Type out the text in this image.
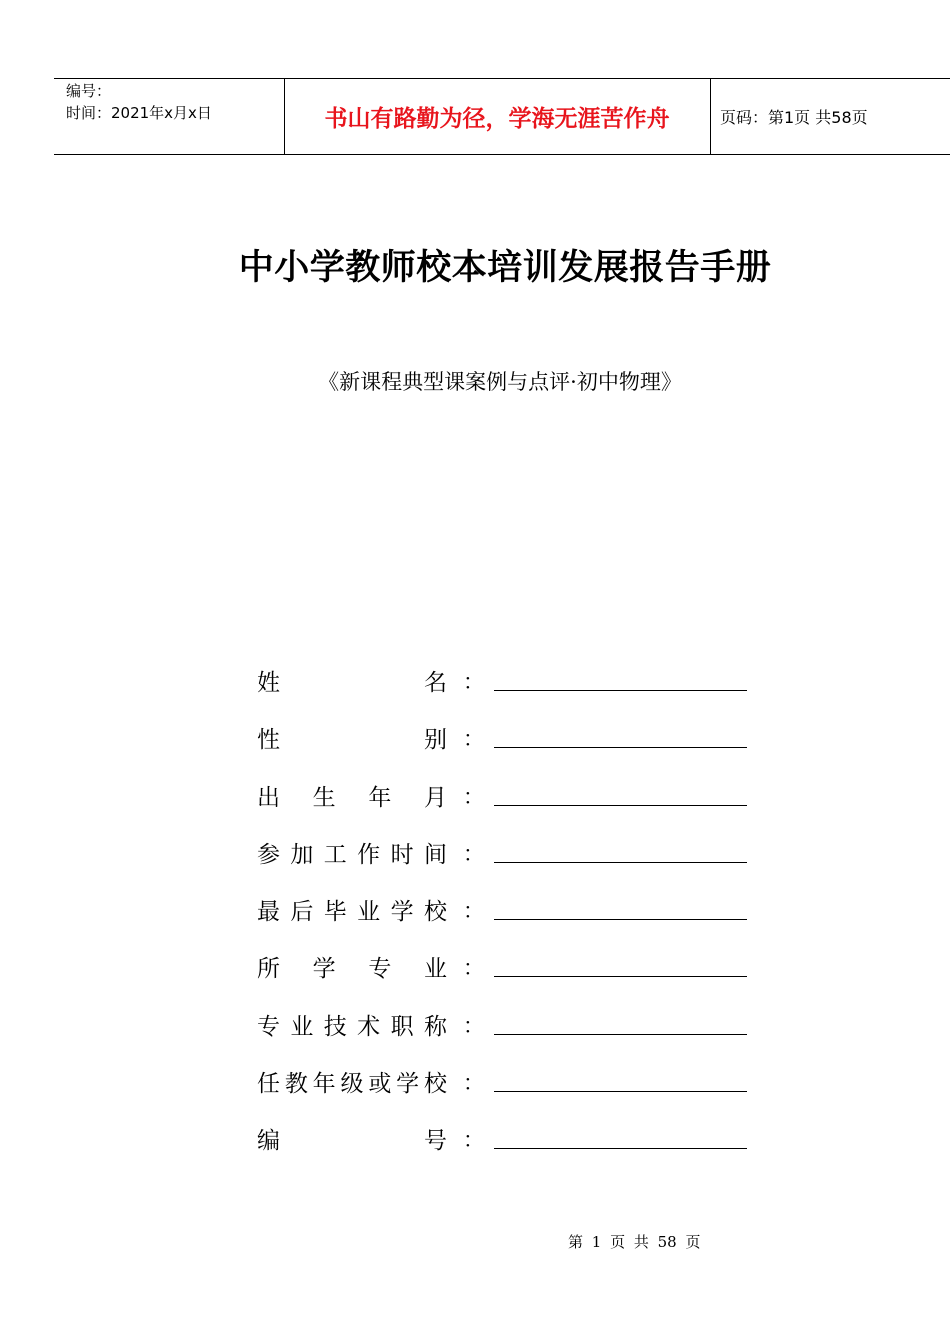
编号：
时间：2021年x月x日	书山有路勤为径，学海无涯苦作舟	页码：第1页 共58页
中小学教师校本培训发展报告手册
《新课程典型课案例与点评·初中物理》
姓	名 ：
性	别 ：
出 生 年 月 ：
参 加 工 作 时 间 ：
最 后 毕 业 学 校 ：
所 学 专 业 ：
专 业 技 术 职 称 ：
任 教 年 级 或 学 校 ：
编	号 ：
第 1 页 共 58 页
